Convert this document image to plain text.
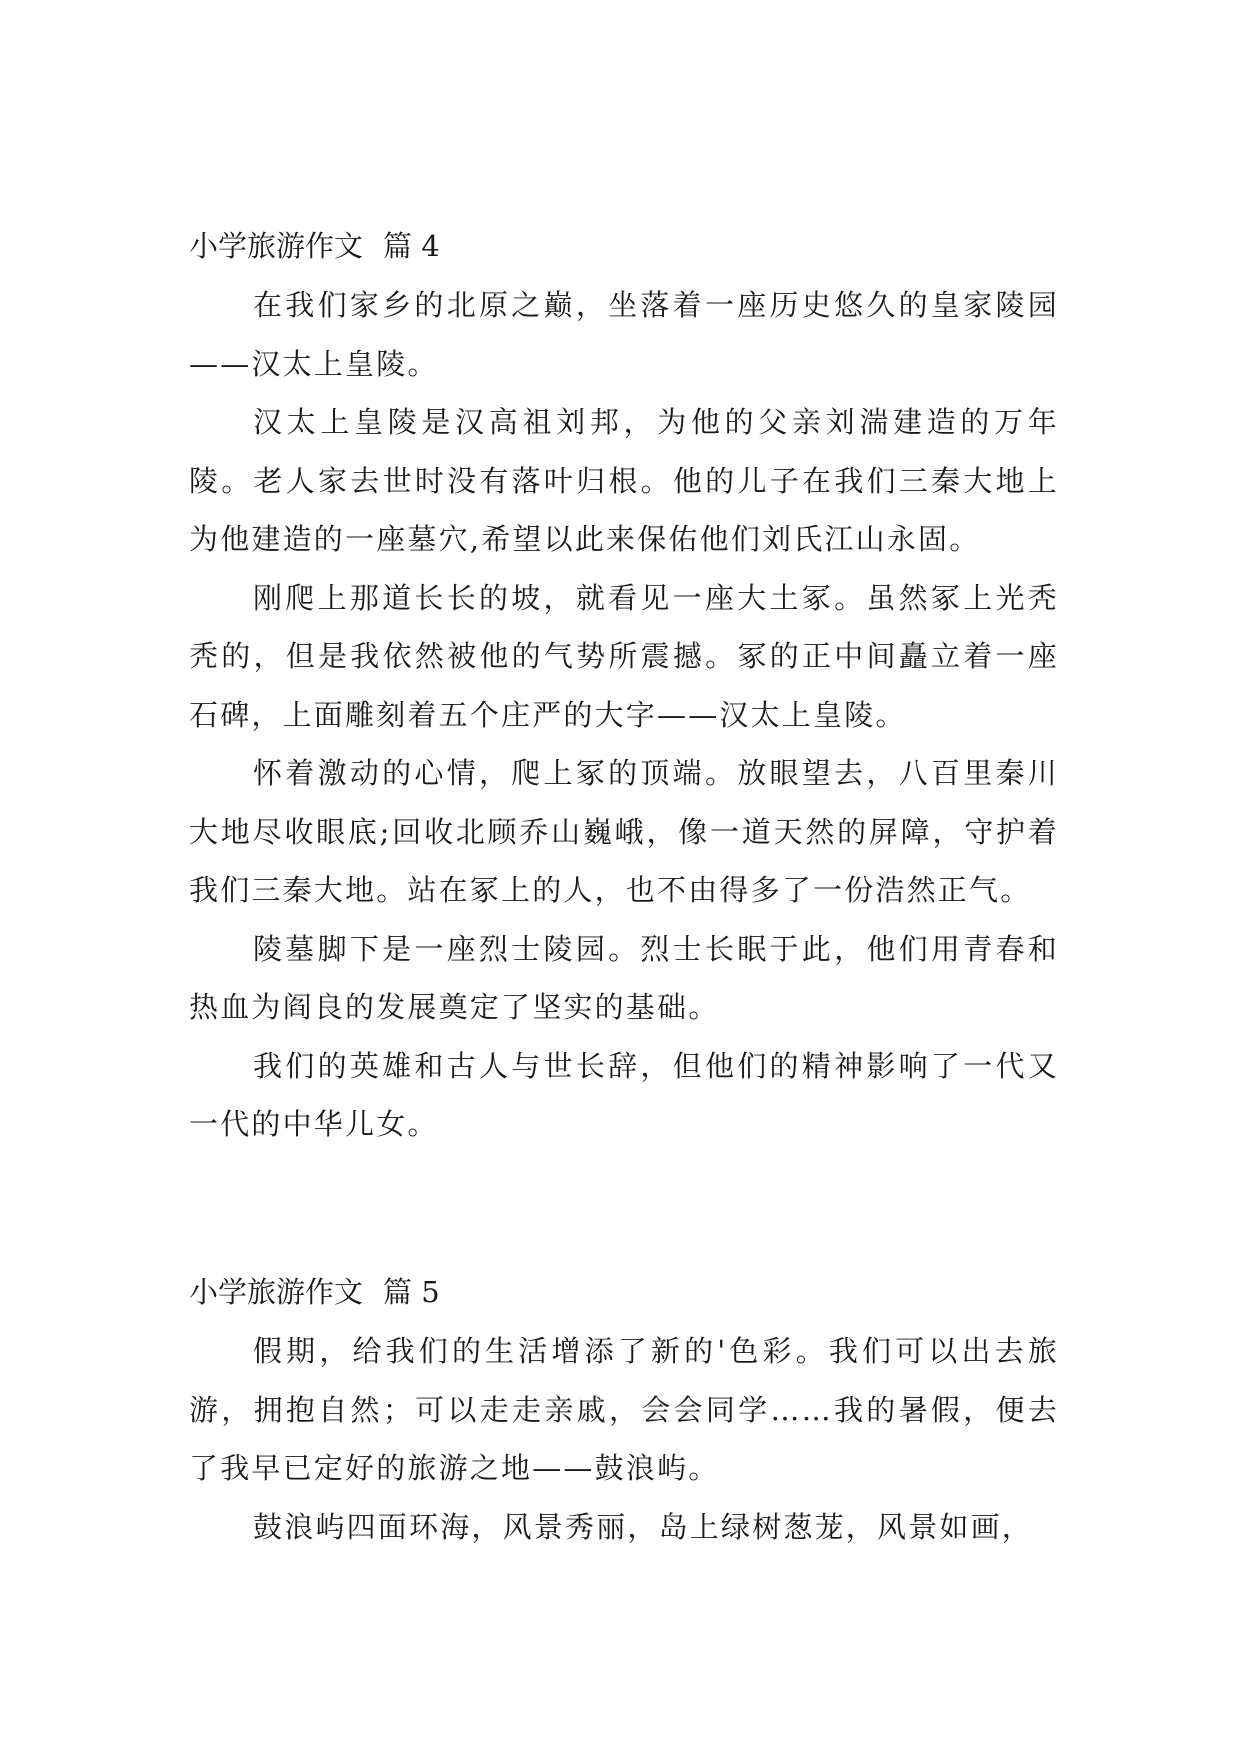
小学旅游作文 篇 4

在我们家乡的北原之巅，坐落着一座历史悠久的皇家陵园——汉太上皇陵。

汉太上皇陵是汉高祖刘邦，为他的父亲刘湍建造的万年陵。老人家去世时没有落叶归根。他的儿子在我们三秦大地上为他建造的一座墓穴,希望以此来保佑他们刘氏江山永固。

刚爬上那道长长的坡，就看见一座大土冢。虽然冢上光秃秃的，但是我依然被他的气势所震撼。冢的正中间矗立着一座石碑，上面雕刻着五个庄严的大字——汉太上皇陵。

怀着激动的心情，爬上冢的顶端。放眼望去，八百里秦川大地尽收眼底;回收北顾乔山巍峨，像一道天然的屏障，守护着我们三秦大地。站在冢上的人，也不由得多了一份浩然正气。

陵墓脚下是一座烈士陵园。烈士长眠于此，他们用青春和热血为阎良的发展奠定了坚实的基础。

我们的英雄和古人与世长辞，但他们的精神影响了一代又一代的中华儿女。

小学旅游作文 篇 5

假期，给我们的生活增添了新的'色彩。我们可以出去旅游，拥抱自然；可以走走亲戚，会会同学……我的暑假，便去了我早已定好的旅游之地——鼓浪屿。

鼓浪屿四面环海，风景秀丽，岛上绿树葱茏，风景如画，
